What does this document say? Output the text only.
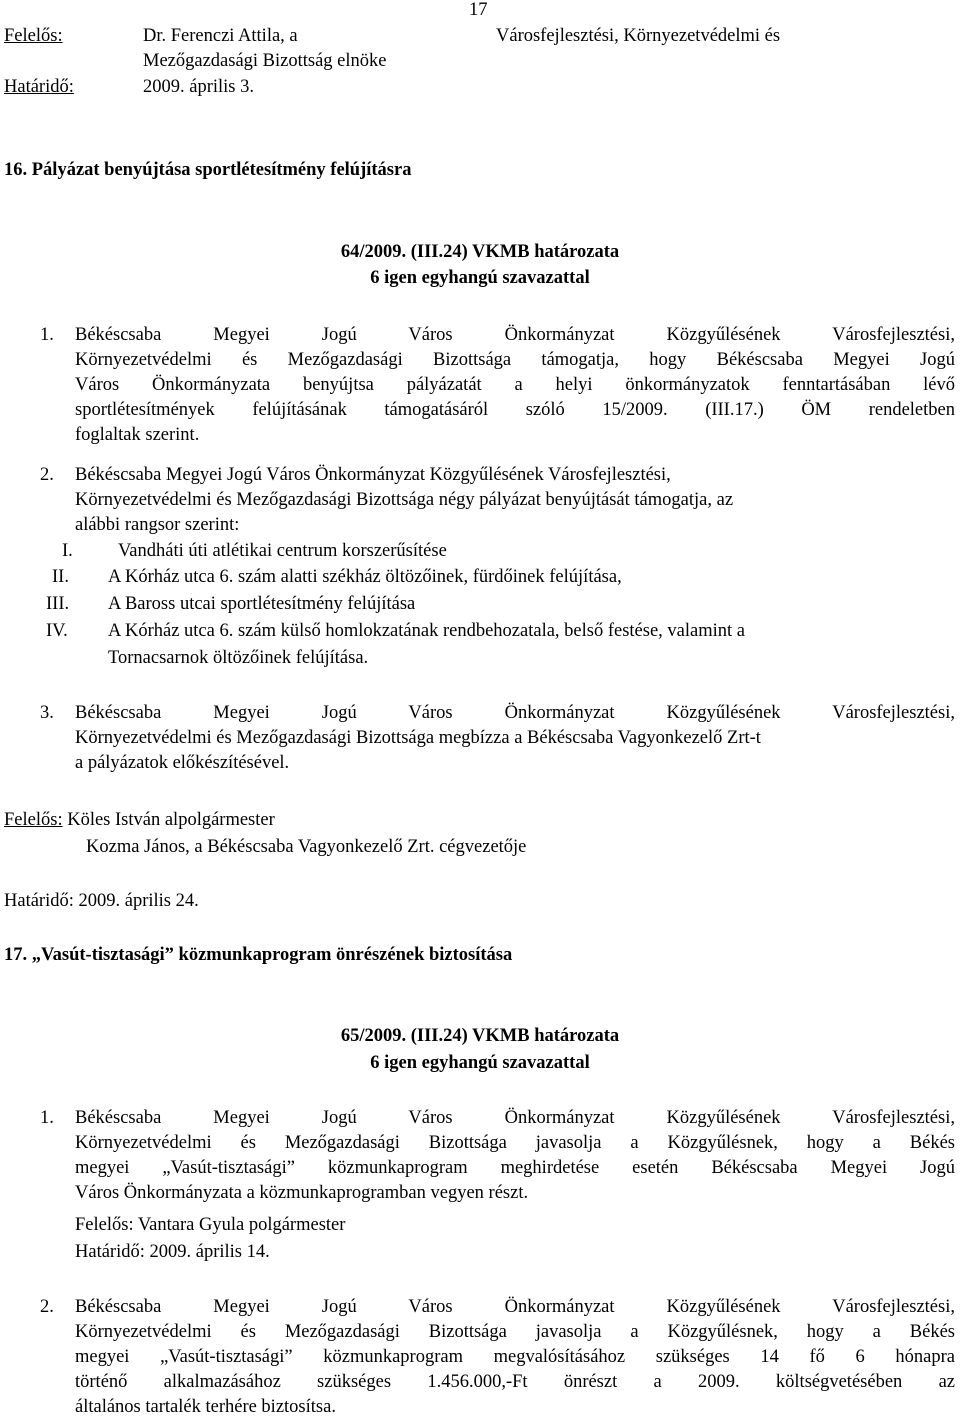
17
Felelős:	Dr. Ferenczi Attila, a	Városfejlesztési, Környezetvédelmi és
Mezőgazdasági Bizottság elnöke
Határidő:	2009. április 3.
16. Pályázat benyújtása sportlétesítmény felújításra
64/2009. (III.24) VKMB határozata
6 igen egyhangú szavazattal
1. Békéscsaba Megyei Jogú Város Önkormányzat Közgyűlésének Városfejlesztési,
Környezetvédelmi és Mezőgazdasági Bizottsága támogatja, hogy Békéscsaba Megyei Jogú
Város Önkormányzata benyújtsa pályázatát a helyi önkormányzatok fenntartásában lévő
sportlétesítmények felújításának támogatásáról szóló 15/2009. (III.17.) ÖM rendeletben
foglaltak szerint.
2. Békéscsaba Megyei Jogú Város Önkormányzat Közgyűlésének Városfejlesztési,
Környezetvédelmi és Mezőgazdasági Bizottsága négy pályázat benyújtását támogatja, az
alábbi rangsor szerint:
I. Vandháti úti atlétikai centrum korszerűsítése
II. A Kórház utca 6. szám alatti székház öltözőinek, fürdőinek felújítása,
III. A Baross utcai sportlétesítmény felújítása
IV. A Kórház utca 6. szám külső homlokzatának rendbehozatala, belső festése, valamint a
Tornacsarnok öltözőinek felújítása.
3. Békéscsaba Megyei Jogú Város Önkormányzat Közgyűlésének Városfejlesztési,
Környezetvédelmi és Mezőgazdasági Bizottsága megbízza a Békéscsaba Vagyonkezelő Zrt-t
a pályázatok előkészítésével.
Felelős: Köles István alpolgármester
Kozma János, a Békéscsaba Vagyonkezelő Zrt. cégvezetője
Határidő: 2009. április 24.
17. „Vasút-tisztasági” közmunkaprogram önrészének biztosítása
65/2009. (III.24) VKMB határozata
6 igen egyhangú szavazattal
1. Békéscsaba Megyei Jogú Város Önkormányzat Közgyűlésének Városfejlesztési,
Környezetvédelmi és Mezőgazdasági Bizottsága javasolja a Közgyűlésnek, hogy a Békés
megyei „Vasút-tisztasági” közmunkaprogram meghirdetése esetén Békéscsaba Megyei Jogú
Város Önkormányzata a közmunkaprogramban vegyen részt.
Felelős: Vantara Gyula polgármester
Határidő: 2009. április 14.
2. Békéscsaba Megyei Jogú Város Önkormányzat Közgyűlésének Városfejlesztési,
Környezetvédelmi és Mezőgazdasági Bizottsága javasolja a Közgyűlésnek, hogy a Békés
megyei „Vasút-tisztasági” közmunkaprogram megvalósításához szükséges 14 fő 6 hónapra
történő alkalmazásához szükséges 1.456.000,-Ft önrészt a 2009. költségvetésében az
általános tartalék terhére biztosítsa.
